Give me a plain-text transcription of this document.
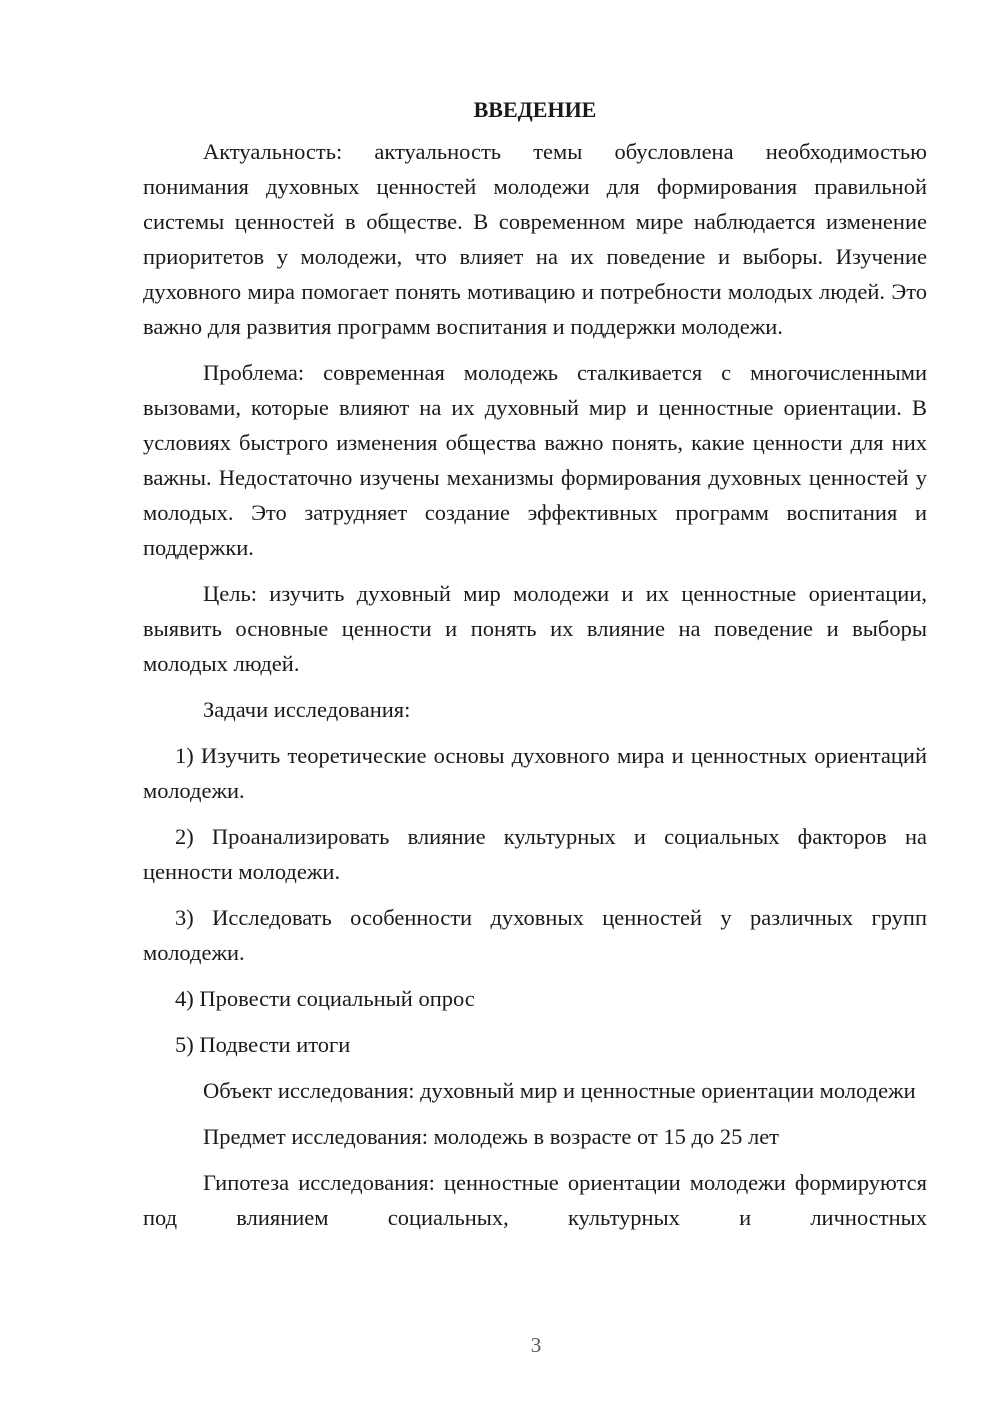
ВВЕДЕНИЕ

Актуальность: актуальность темы обусловлена необходимостью понимания духовных ценностей молодежи для формирования правильной системы ценностей в обществе. В современном мире наблюдается изменение приоритетов у молодежи, что влияет на их поведение и выборы. Изучение духовного мира помогает понять мотивацию и потребности молодых людей. Это важно для развития программ воспитания и поддержки молодежи.

Проблема: современная молодежь сталкивается с многочисленными вызовами, которые влияют на их духовный мир и ценностные ориентации. В условиях быстрого изменения общества важно понять, какие ценности для них важны. Недостаточно изучены механизмы формирования духовных ценностей у молодых. Это затрудняет создание эффективных программ воспитания и поддержки.

Цель: изучить духовный мир молодежи и их ценностные ориентации, выявить основные ценности и понять их влияние на поведение и выборы молодых людей.

Задачи исследования:

1) Изучить теоретические основы духовного мира и ценностных ориентаций молодежи.

2) Проанализировать влияние культурных и социальных факторов на ценности молодежи.

3) Исследовать особенности духовных ценностей у различных групп молодежи.

4) Провести социальный опрос

5) Подвести итоги

Объект исследования: духовный мир и ценностные ориентации молодежи

Предмет исследования: молодежь в возрасте от 15 до 25 лет

Гипотеза исследования: ценностные ориентации молодежи формируются под влиянием социальных, культурных и личностных

3
